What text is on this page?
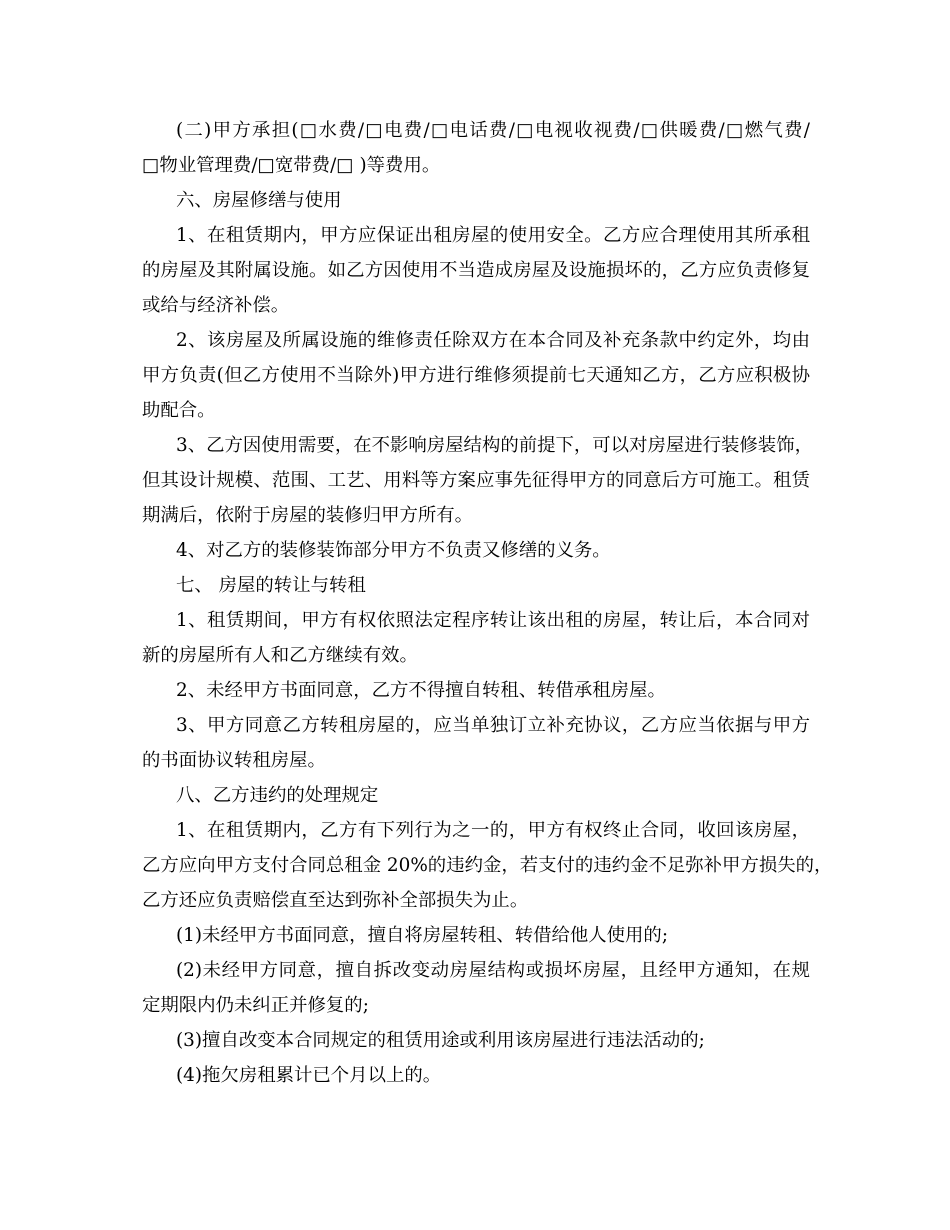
(二)甲方承担(□水费/□电费/□电话费/□电视收视费/□供暖费/□燃气费/
□物业管理费/□宽带费/□ )等费用。
六、房屋修缮与使用
1、在租赁期内，甲方应保证出租房屋的使用安全。乙方应合理使用其所承租
的房屋及其附属设施。如乙方因使用不当造成房屋及设施损坏的，乙方应负责修复
或给与经济补偿。
2、该房屋及所属设施的维修责任除双方在本合同及补充条款中约定外，均由
甲方负责(但乙方使用不当除外)甲方进行维修须提前七天通知乙方，乙方应积极协
助配合。
3、乙方因使用需要，在不影响房屋结构的前提下，可以对房屋进行装修装饰，
但其设计规模、范围、工艺、用料等方案应事先征得甲方的同意后方可施工。租赁
期满后，依附于房屋的装修归甲方所有。
4、对乙方的装修装饰部分甲方不负责又修缮的义务。
七、 房屋的转让与转租
1、租赁期间，甲方有权依照法定程序转让该出租的房屋，转让后，本合同对
新的房屋所有人和乙方继续有效。
2、未经甲方书面同意，乙方不得擅自转租、转借承租房屋。
3、甲方同意乙方转租房屋的，应当单独订立补充协议，乙方应当依据与甲方
的书面协议转租房屋。
八、乙方违约的处理规定
1、在租赁期内，乙方有下列行为之一的，甲方有权终止合同，收回该房屋，
乙方应向甲方支付合同总租金 20%的违约金，若支付的违约金不足弥补甲方损失的，
乙方还应负责赔偿直至达到弥补全部损失为止。
(1)未经甲方书面同意，擅自将房屋转租、转借给他人使用的;
(2)未经甲方同意，擅自拆改变动房屋结构或损坏房屋，且经甲方通知，在规
定期限内仍未纠正并修复的;
(3)擅自改变本合同规定的租赁用途或利用该房屋进行违法活动的;
(4)拖欠房租累计已个月以上的。
